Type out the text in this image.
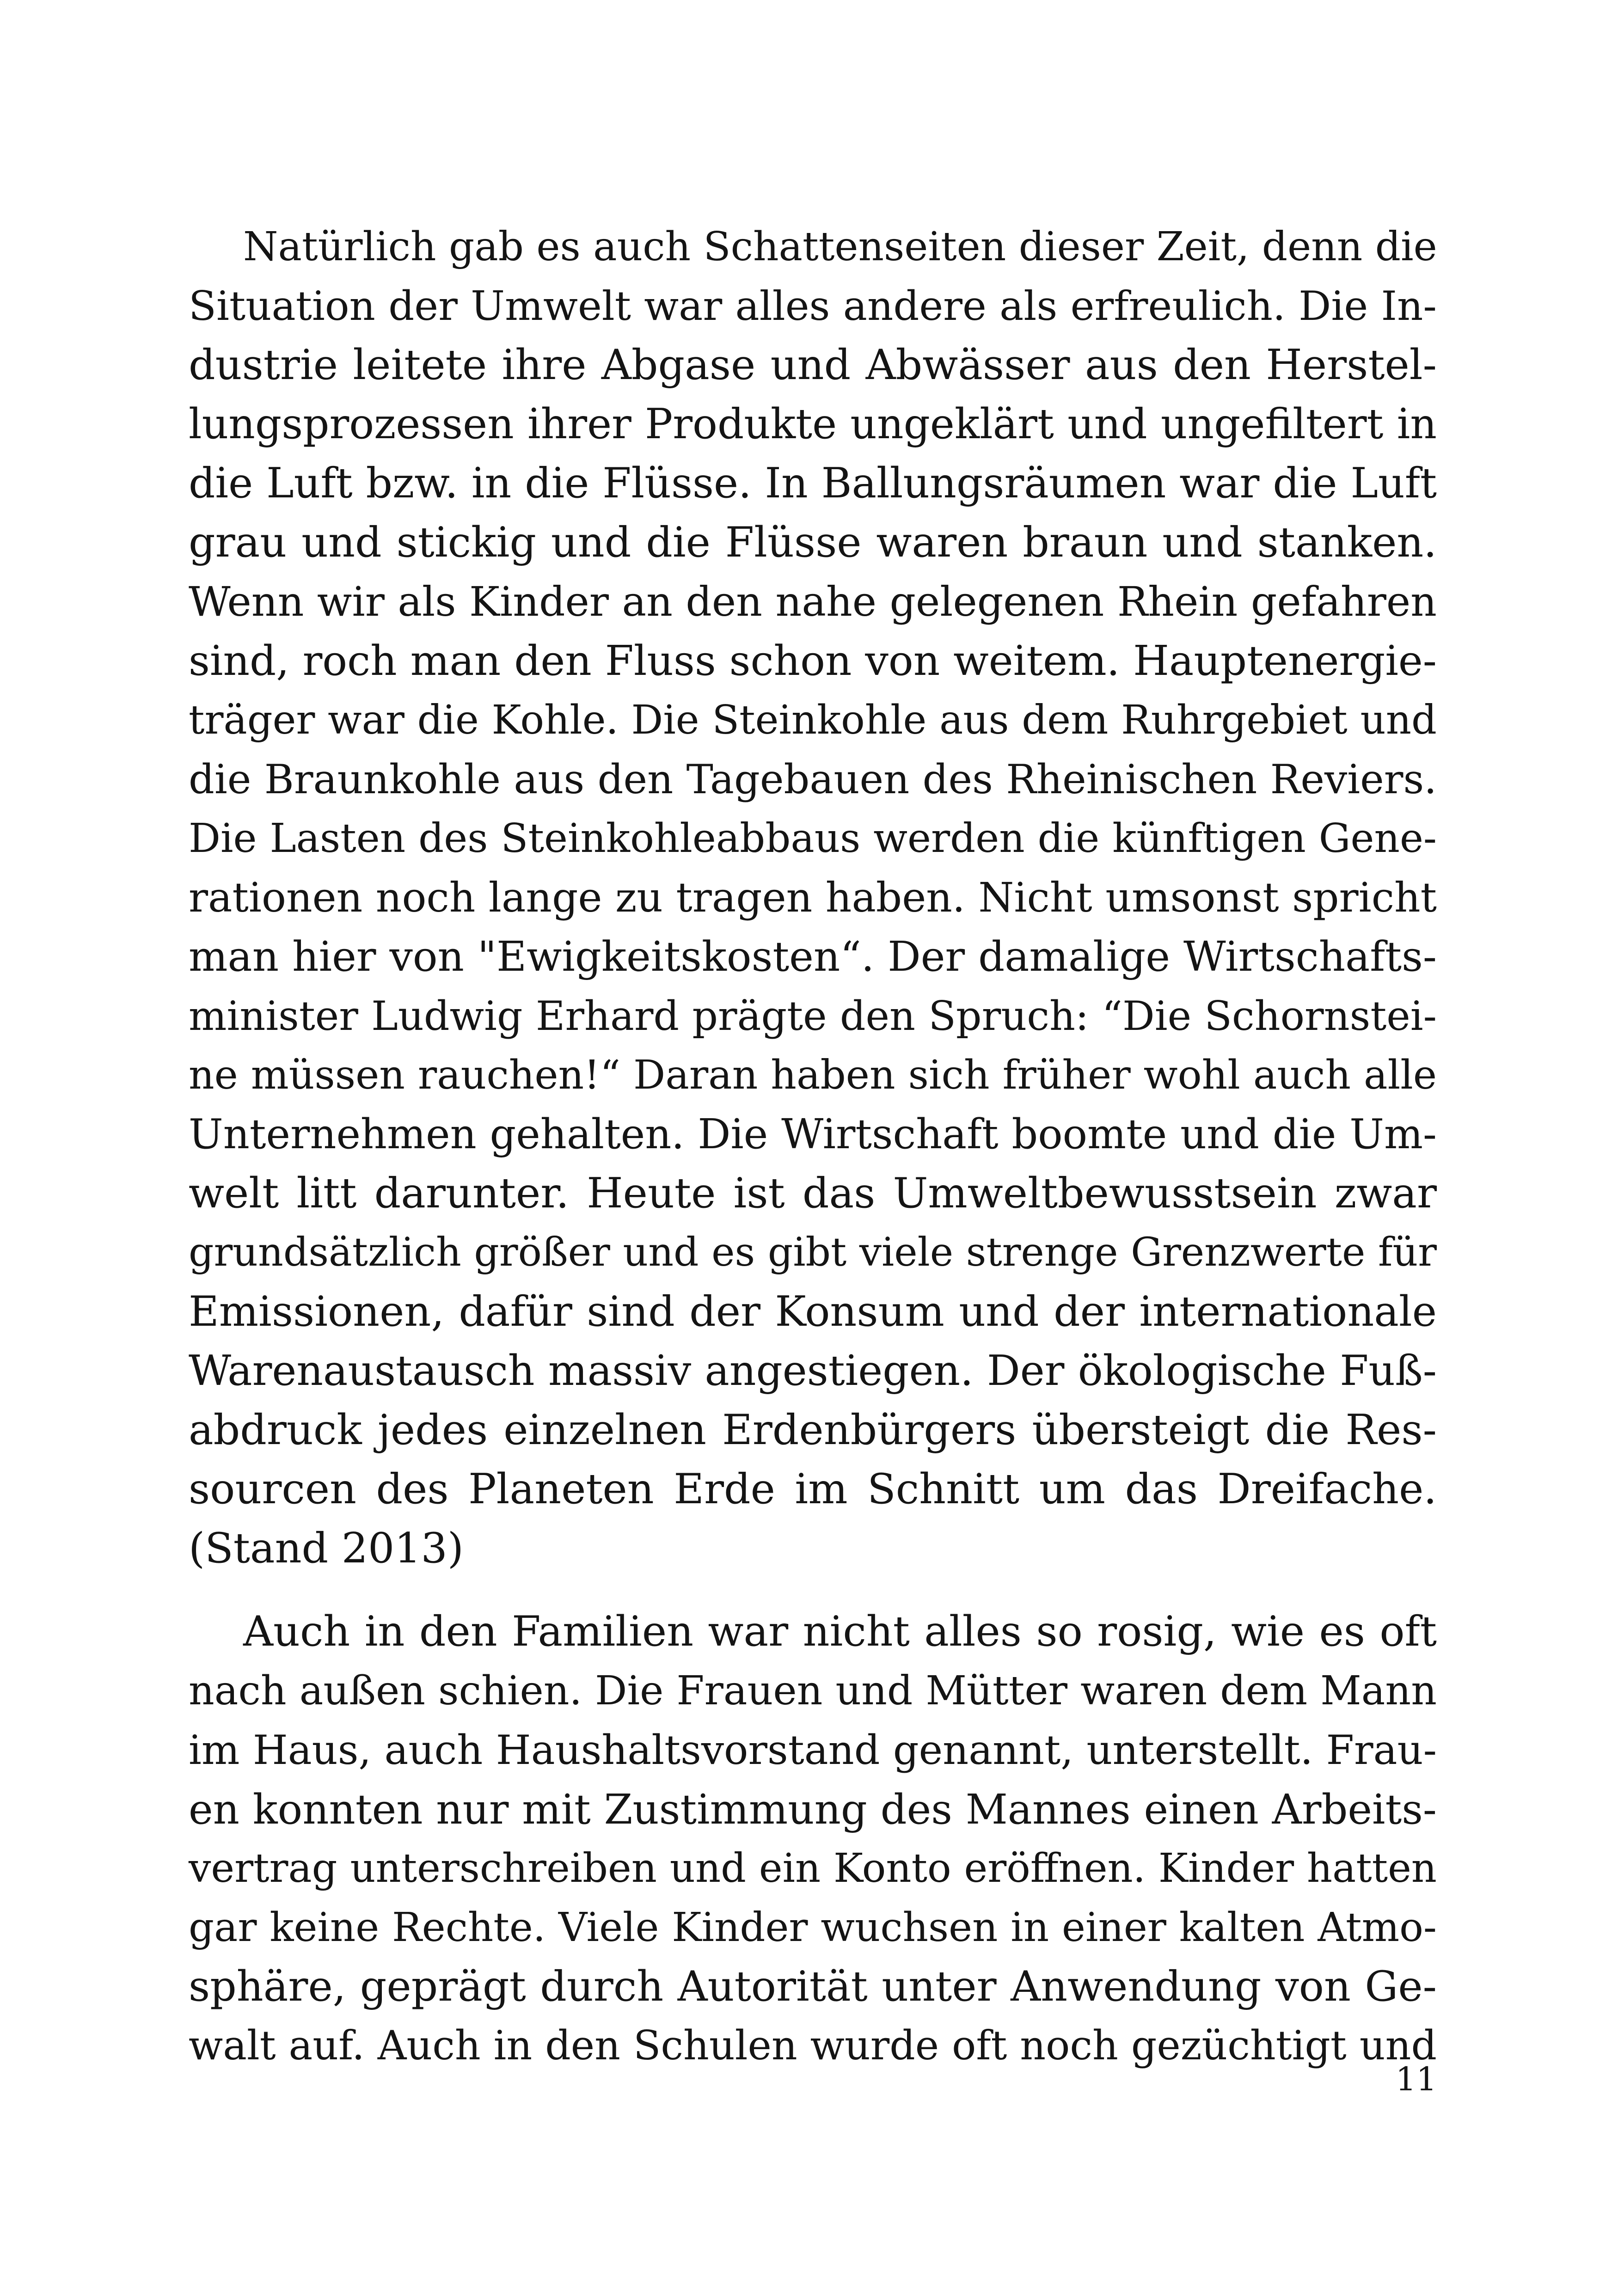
Natürlich gab es auch Schattenseiten dieser Zeit, denn die
Situation der Umwelt war alles andere als erfreulich. Die In-
dustrie leitete ihre Abgase und Abwässer aus den Herstel-
lungsprozessen ihrer Produkte ungeklärt und ungefiltert in
die Luft bzw. in die Flüsse. In Ballungsräumen war die Luft
grau und stickig und die Flüsse waren braun und stanken.
Wenn wir als Kinder an den nahe gelegenen Rhein gefahren
sind, roch man den Fluss schon von weitem. Hauptenergie-
träger war die Kohle. Die Steinkohle aus dem Ruhrgebiet und
die Braunkohle aus den Tagebauen des Rheinischen Reviers.
Die Lasten des Steinkohleabbaus werden die künftigen Gene-
rationen noch lange zu tragen haben. Nicht umsonst spricht
man hier von "Ewigkeitskosten“. Der damalige Wirtschafts-
minister Ludwig Erhard prägte den Spruch: “Die Schornstei-
ne müssen rauchen!“ Daran haben sich früher wohl auch alle
Unternehmen gehalten. Die Wirtschaft boomte und die Um-
welt litt darunter. Heute ist das Umweltbewusstsein zwar
grundsätzlich größer und es gibt viele strenge Grenzwerte für
Emissionen, dafür sind der Konsum und der internationale
Warenaustausch massiv angestiegen. Der ökologische Fuß-
abdruck jedes einzelnen Erdenbürgers übersteigt die Res-
sourcen des Planeten Erde im Schnitt um das Dreifache.
(Stand 2013)
Auch in den Familien war nicht alles so rosig, wie es oft
nach außen schien. Die Frauen und Mütter waren dem Mann
im Haus, auch Haushaltsvorstand genannt, unterstellt. Frau-
en konnten nur mit Zustimmung des Mannes einen Arbeits-
vertrag unterschreiben und ein Konto eröffnen. Kinder hatten
gar keine Rechte. Viele Kinder wuchsen in einer kalten Atmo-
sphäre, geprägt durch Autorität unter Anwendung von Ge-
walt auf. Auch in den Schulen wurde oft noch gezüchtigt und
11
